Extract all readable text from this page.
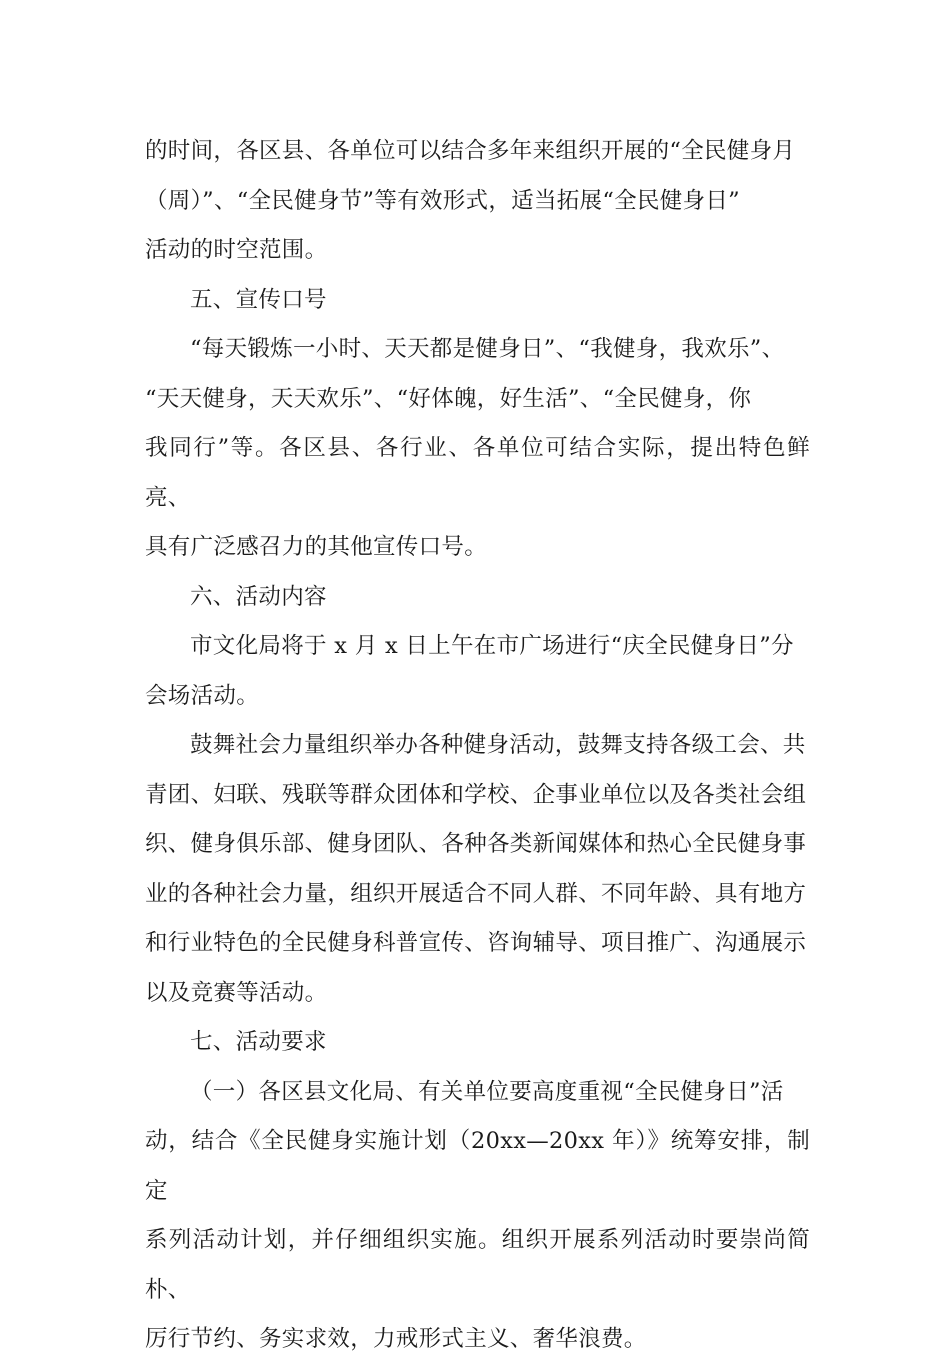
的时间，各区县、各单位可以结合多年来组织开展的“全民健身月
（周）”、“全民健身节”等有效形式，适当拓展“全民健身日”
活动的时空范围。

五、宣传口号

“每天锻炼一小时、天天都是健身日”、“我健身，我欢乐”、
“天天健身，天天欢乐”、“好体魄，好生活”、“全民健身，你
我同行”等。各区县、各行业、各单位可结合实际，提出特色鲜亮、
具有广泛感召力的其他宣传口号。

六、活动内容

市文化局将于 x 月 x 日上午在市广场进行“庆全民健身日”分
会场活动。

鼓舞社会力量组织举办各种健身活动，鼓舞支持各级工会、共
青团、妇联、残联等群众团体和学校、企事业单位以及各类社会组
织、健身俱乐部、健身团队、各种各类新闻媒体和热心全民健身事
业的各种社会力量，组织开展适合不同人群、不同年龄、具有地方
和行业特色的全民健身科普宣传、咨询辅导、项目推广、沟通展示
以及竞赛等活动。

七、活动要求

（一）各区县文化局、有关单位要高度重视“全民健身日”活
动，结合《全民健身实施计划（20xx—20xx 年）》统筹安排，制定
系列活动计划，并仔细组织实施。组织开展系列活动时要崇尚简朴、
厉行节约、务实求效，力戒形式主义、奢华浪费。
